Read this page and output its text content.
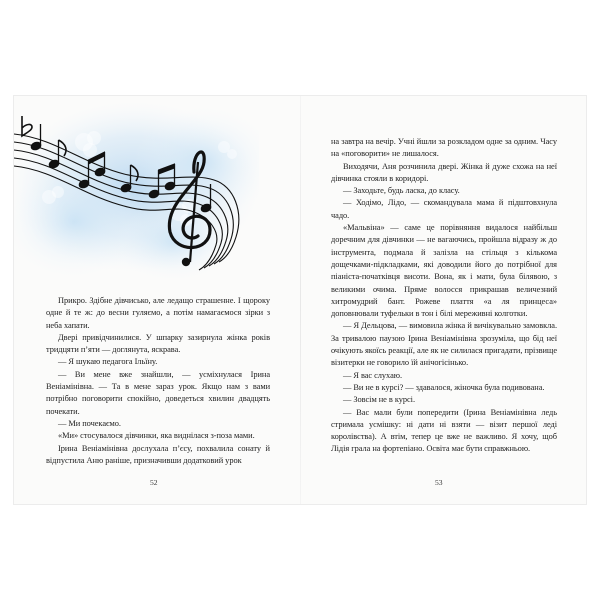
Прикро. Здібне дівчисько, але ледащо страшенне. І щороку одне й те ж: до весни гуляємо, а потім намагаємося зірки з неба хапати.

Двері привідчинилися. У шпарку зазирнула жінка років тридцяти п’яти — доглянута, яскрава.

— Я шукаю педагога Ільїну.

— Ви мене вже знайшли, — усміхнулася Ірина Веніамінівна. — Та в мене зараз урок. Якщо нам з вами потрібно поговорити спокійно, доведеться хвилин двадцять почекати.

— Ми почекаємо.

«Ми» стосувалося дівчинки, яка виднілася з-поза мами.

Ірина Веніамінівна дослухала п’єсу, похвалила сонату й відпустила Аню раніше, призначивши додатковий урок

52

на завтра на вечір. Учні йшли за розкладом одне за одним. Часу на «поговорити» не лишалося.

Виходячи, Аня розчинила двері. Жінка й дуже схожа на неї дівчинка стояли в коридорі.

— Заходьте, будь ласка, до класу.

— Ходімо, Лідо, — скомандувала мама й підштовхнула чадо.

«Мальвіна» — саме це порівняння видалося найбільш доречним для дівчинки — не вагаючись, пройшла відразу ж до інструмента, подмала й залізла на стільця з кількома дощечками-підкладками, які доводили його до потрібної для піаніста-початківця висоти. Вона, як і мати, була білявою, з великими очима. Пряме волосся прикрашав величезний хитромудрий бант. Рожеве плаття «а ля принцеса» доповнювали туфельки в тон і білі мереживні колготки.

— Я Дельцова, — вимовила жінка й вичікувально замовкла. За тривалою паузою Ірина Веніамінівна зрозуміла, що бід неї очікують якоїсь реакції, але як не силилася пригадати, прізвище візитерки не говорило їй анічогісінько.

— Я вас слухаю.

— Ви не в курсі? — здавалося, жіночка була подивована.

— Зовсім не в курсі.

— Вас мали були попередити (Ірина Веніамінівна ледь стримала усмішку: ні дати ні взяти — візит першої леді королівства). А втім, тепер це вже не важливо. Я хочу, щоб Лідія грала на фортепіано. Освіта має бути справжньою.

53
